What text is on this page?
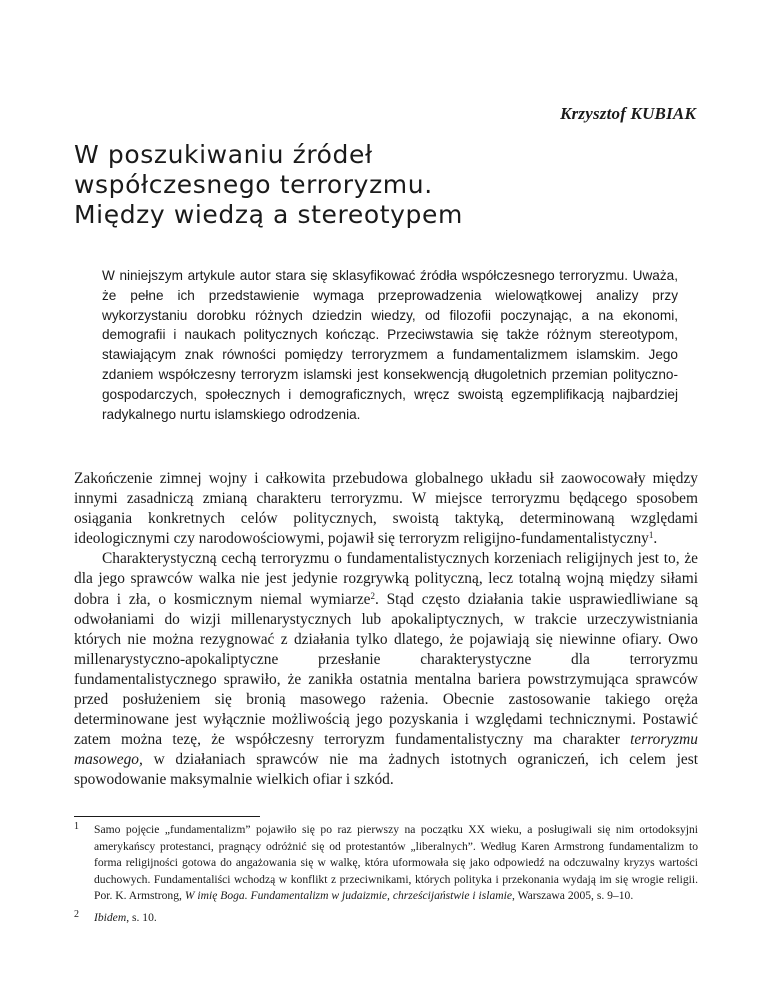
Krzysztof KUBIAK
W poszukiwaniu źródeł
współczesnego terroryzmu.
Między wiedzą a stereotypem
W niniejszym artykule autor stara się sklasyfikować źródła współczesnego terroryzmu. Uważa, że pełne ich przedstawienie wymaga przeprowadzenia wielowątkowej analizy przy wykorzystaniu dorobku różnych dziedzin wiedzy, od filozofii poczynając, a na ekonomi, demografii i naukach politycznych kończąc. Przeciwstawia się także różnym stereotypom, stawiającym znak równości pomiędzy terroryzmem a fundamentalizmem islamskim. Jego zdaniem współczesny terroryzm islamski jest konsekwencją długoletnich przemian polityczno-gospodarczych, społecznych i demograficznych, wręcz swoistą egzemplifikacją najbardziej radykalnego nurtu islamskiego odrodzenia.

Zakończenie zimnej wojny i całkowita przebudowa globalnego układu sił zaowocowały między innymi zasadniczą zmianą charakteru terroryzmu. W miejsce terroryzmu będącego sposobem osiągania konkretnych celów politycznych, swoistą taktyką, determinowaną względami ideologicznymi czy narodowościowymi, pojawił się terroryzm religijno-fundamentalistyczny$^1$.

Charakterystyczną cechą terroryzmu o fundamentalistycznych korzeniach religijnych jest to, że dla jego sprawców walka nie jest jedynie rozgrywką polityczną, lecz totalną wojną między siłami dobra i zła, o kosmicznym niemal wymiarze$^2$. Stąd często działania takie usprawiedliwiane są odwołaniami do wizji millenarystycznych lub apokaliptycznych, w trakcie urzeczywistniania których nie można rezygnować z działania tylko dlatego, że pojawiają się niewinne ofiary. Owo millenarystyczno-apokaliptyczne przesłanie charakterystyczne dla terroryzmu fundamentalistycznego sprawiło, że zanikła ostatnia mentalna bariera powstrzymująca sprawców przed posłużeniem się bronią masowego rażenia. Obecnie zastosowanie takiego oręża determinowane jest wyłącznie możliwością jego pozyskania i względami technicznymi. Postawić zatem można tezę, że współczesny terroryzm fundamentalistyczny ma charakter terroryzmu masowego, w działaniach sprawców nie ma żadnych istotnych ograniczeń, ich celem jest spowodowanie maksymalnie wielkich ofiar i szkód.

1 Samo pojęcie „fundamentalizm” pojawiło się po raz pierwszy na początku XX wieku, a posługiwali się nim ortodoksyjni amerykańscy protestanci, pragnący odróżnić się od protestantów „liberalnych”. Według Karen Armstrong fundamentalizm to forma religijności gotowa do angażowania się w walkę, która uformowała się jako odpowiedź na odczuwalny kryzys wartości duchowych. Fundamentaliści wchodzą w konflikt z przeciwnikami, których polityka i przekonania wydają im się wrogie religii. Por. K. Armstrong, W imię Boga. Fundamentalizm w judaizmie, chrześcijaństwie i islamie, Warszawa 2005, s. 9–10.
2 Ibidem, s. 10.
